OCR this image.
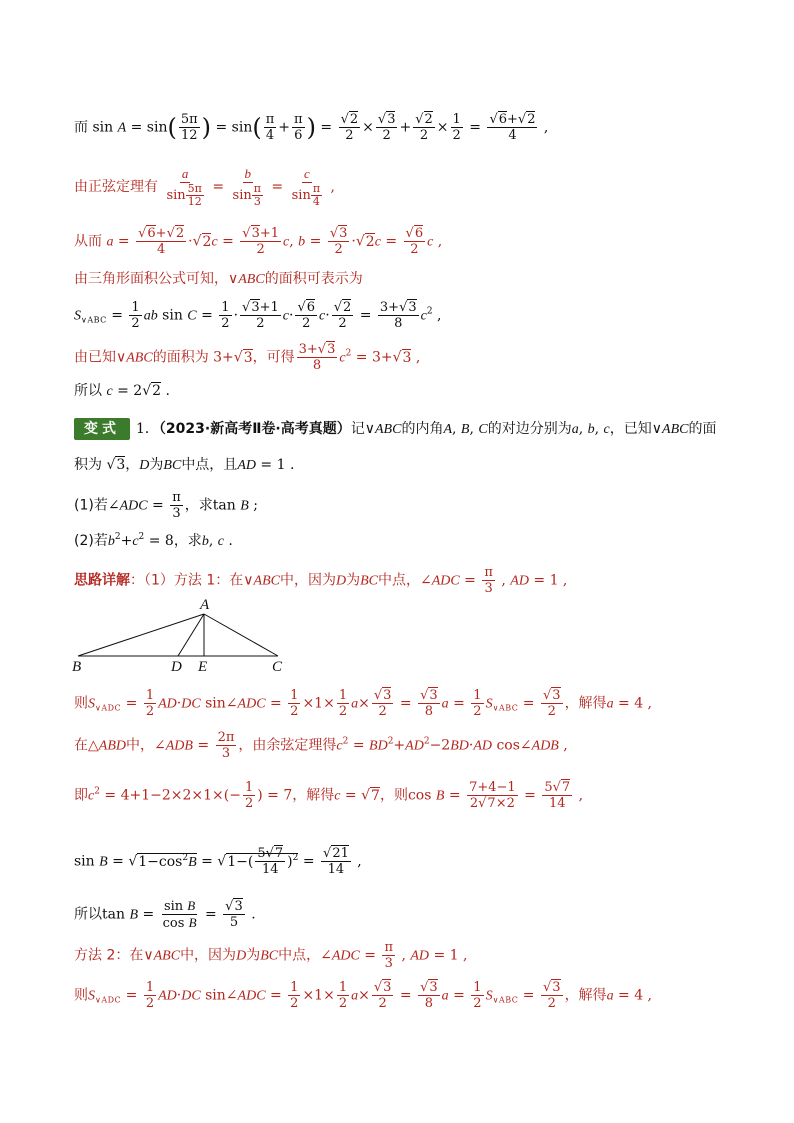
而 $\sin A = \sin( \frac{5\pi}{12}$ ) = $\sin( \frac{\pi}{4} + \frac{\pi}{6}$ ) = $\frac{√2}{2} \times \frac{√3}{2} + \frac{√2}{2} \times \frac{1}{2} = \frac{√6+√2}{4}$ ,
由正弦定理有 $\frac{a}{\sin \frac{5\pi}{12}} = \frac{b}{\sin \frac{\pi}{3}} = \frac{c}{\sin \frac{\pi}{4}}$ ,
从而 $a = \frac{√6+√2}{4} \cdot√2c = \frac{√3+1}{2} c$, $b = \frac{√3}{2} \cdot√2c = \frac{√6}{2}$ c ,
由三角形面积公式可知，∨ABC的面积可表示为
$S_{\vee ABC} = \frac{1}{2}$ ab $\sin C = \frac{1}{2} \cdot \frac{√3+1}{2} c\cdot \frac{√6}{2} c\cdot \frac{√2}{2} = \frac{3+√3}{8} c^2$ ,
由已知∨ABC的面积为 3+√3，可得 $\frac{3+√3}{8} c^2 = 3+√3$ ,
所以 c = 2√2 .
变式 1．（2023·新高考Ⅱ卷·高考真题）记∨ABC的内角A, B, C的对边分别为a, b, c，已知∨ABC的面
积为 √3，D为BC中点，且AD = 1 .
(1)若∠ADC = $\frac{\pi}{3}$ ，求tan B ;
(2)若$b^2+c^2 = 8$，求b, c .
思路详解：（1）方法 1：在∨ABC中，因为D为BC中点，∠ADC = $\frac{\pi}{3}$ , AD = 1 ,
A
B	C
D E
则$S_{\vee ADC} = \frac{1}{2} AD\cdot DC$ sin∠ADC = $\frac{1}{2} \times 1\times \frac{1}{2} a\times \frac{√3}{2} = \frac{√3}{8}$ $a = \frac{1}{2} S_{\vee ABC} = \frac{√3}{2}$ ，解得a = 4 ,
在△ABD中，∠ADB = $\frac{2\pi}{3}$ ，由余弦定理得$c^2 = BD^2+AD^2-2BD\cdot AD$ cos∠ADB ,
即$c^2 = 4+1-2\times 2\times 1\times(- \frac{1}{2}$ ) = 7，解得c = √7，则$\cos B = \frac{7+4-1}{2√7\times 2} = \frac{5√7}{14}$ ,
$\sin B = √1-\cos^2B = √1-( \frac{5√7}{14} )^2 = \frac{√21}{14}$ ,
所以$\tan B = \frac{\text{sin B}}{\text{cos B}} = \frac{√3}{5}$ .
方法 2：在∨ABC中，因为D为BC中点，∠ADC = $\frac{\pi}{3}$ , AD = 1 ,
则$S_{\vee ADC} = \frac{1}{2} AD\cdot DC$ sin∠ADC = $\frac{1}{2} \times 1\times \frac{1}{2} a\times \frac{√3}{2} = \frac{√3}{8}$ $a = \frac{1}{2} S_{\vee ABC} = \frac{√3}{2}$ ，解得a = 4 ,
